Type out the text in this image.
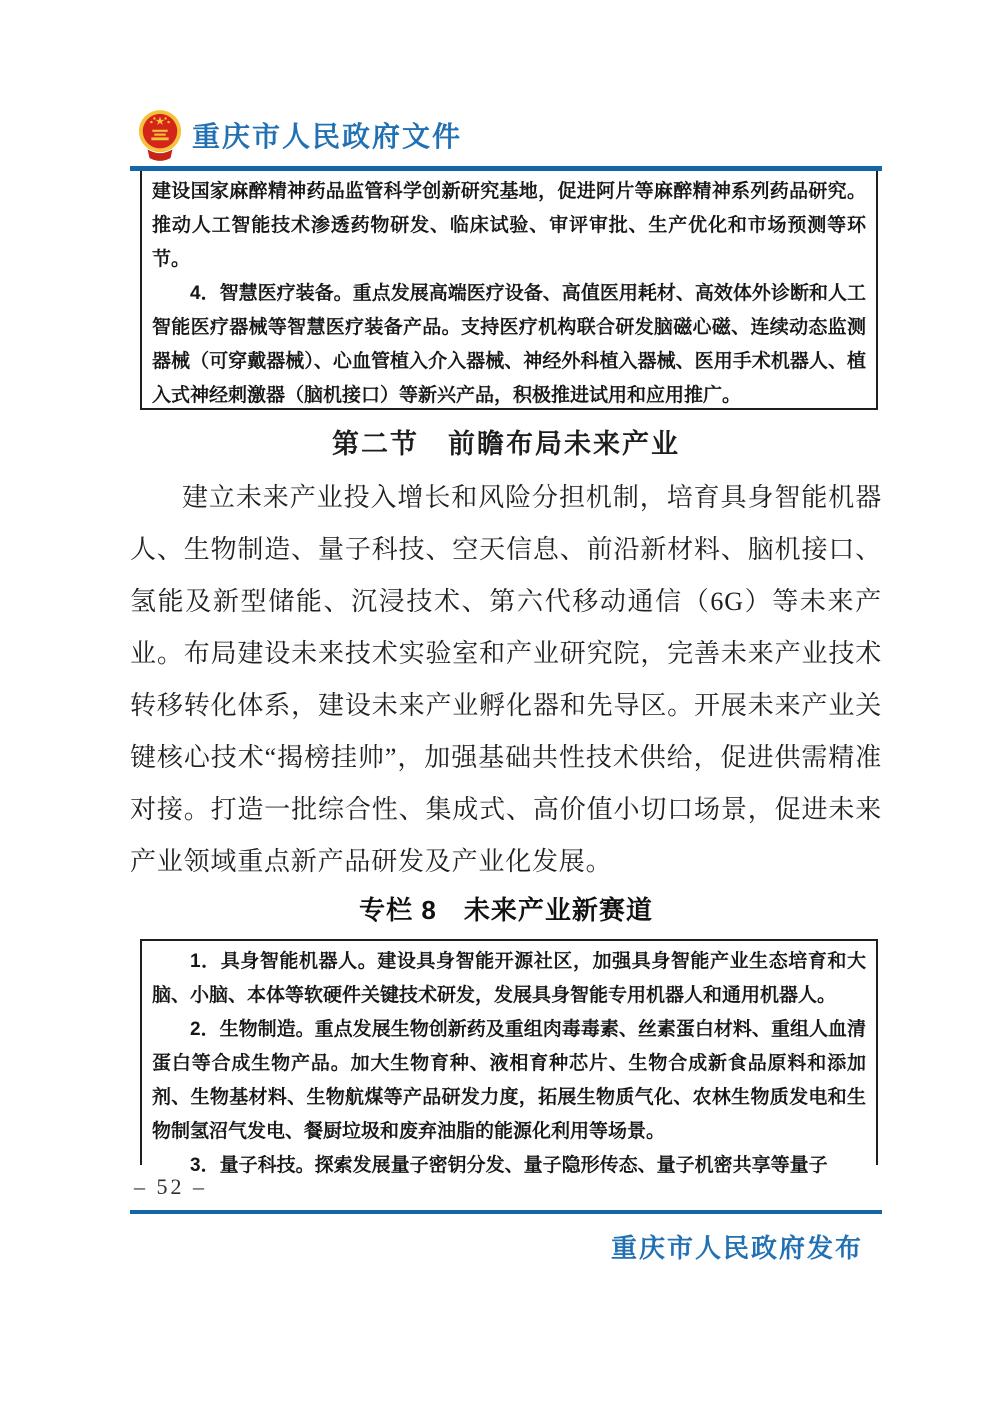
重庆市人民政府文件

建设国家麻醉精神药品监管科学创新研究基地，促进阿片等麻醉精神系列药品研究。推动人工智能技术渗透药物研发、临床试验、审评审批、生产优化和市场预测等环节。

4．智慧医疗装备。重点发展高端医疗设备、高值医用耗材、高效体外诊断和人工智能医疗器械等智慧医疗装备产品。支持医疗机构联合研发脑磁心磁、连续动态监测器械（可穿戴器械）、心血管植入介入器械、神经外科植入器械、医用手术机器人、植入式神经刺激器（脑机接口）等新兴产品，积极推进试用和应用推广。

第二节　前瞻布局未来产业

建立未来产业投入增长和风险分担机制，培育具身智能机器人、生物制造、量子科技、空天信息、前沿新材料、脑机接口、氢能及新型储能、沉浸技术、第六代移动通信（6G）等未来产业。布局建设未来技术实验室和产业研究院，完善未来产业技术转移转化体系，建设未来产业孵化器和先导区。开展未来产业关键核心技术“揭榜挂帅”，加强基础共性技术供给，促进供需精准对接。打造一批综合性、集成式、高价值小切口场景，促进未来产业领域重点新产品研发及产业化发展。

专栏 8　未来产业新赛道

1．具身智能机器人。建设具身智能开源社区，加强具身智能产业生态培育和大脑、小脑、本体等软硬件关键技术研发，发展具身智能专用机器人和通用机器人。

2．生物制造。重点发展生物创新药及重组肉毒毒素、丝素蛋白材料、重组人血清蛋白等合成生物产品。加大生物育种、液相育种芯片、生物合成新食品原料和添加剂、生物基材料、生物航煤等产品研发力度，拓展生物质气化、农林生物质发电和生物制氢沼气发电、餐厨垃圾和废弃油脂的能源化利用等场景。

3．量子科技。探索发展量子密钥分发、量子隐形传态、量子机密共享等量子

– 52 –
重庆市人民政府发布
